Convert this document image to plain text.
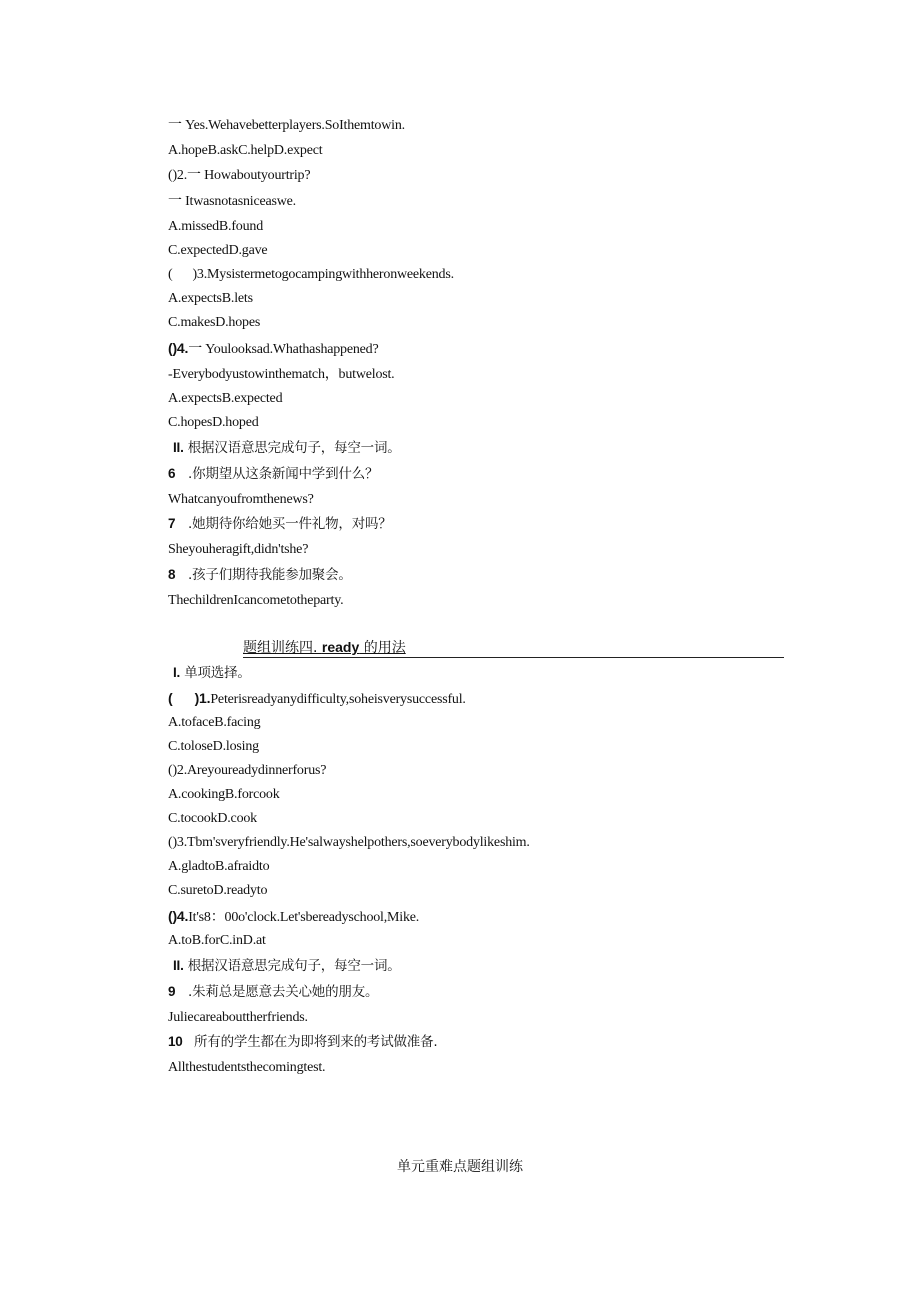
一 Yes.Wehavebetterplayers.SoIthemtowin.
A.hopeB.askC.helpD.expect
()2.一 Howaboutyourtrip?
一 Itwasnotasniceaswe.
A.missedB.found
C.expectedD.gave
( )3.Mysistermetogocampingwithheronweekends.
A.expectsB.lets
C.makesD.hopes
()4.一 Youlooksad.Whathashappened?
-Everybodyustowinthematch，butwelost.
A.expectsB.expected
C.hopesD.hoped
II. 根据汉语意思完成句子，每空一词。
6 .你期望从这条新闻中学到什么？
Whatcanyoufromthenews?
7 .她期待你给她买一件礼物，对吗？
Sheyouheragift,didn'tshe?
8 .孩子们期待我能参加聚会。
ThechildrenIcancometotheparty.
题组训练四. ready 的用法
I. 单项选择。
(      )1.Peterisreadyanydifficulty,soheisverysuccessful.
A.tofaceB.facing
C.toloseD.losing
()2.Areyoureadydinnerforus?
A.cookingB.forcook
C.tocookD.cook
()3.Tbm'sveryfriendly.He'salwayshelpothers,soeverybodylikeshim.
A.gladtoB.afraidto
C.suretoD.readyto
()4.It's8：00o'clock.Let'sbereadyschool,Mike.
A.toB.forC.inD.at
II. 根据汉语意思完成句子，每空一词。
9 .朱莉总是愿意去关心她的朋友。
Juliecareabouttherfriends.
10 所有的学生都在为即将到来的考试做准备.
Allthestudentsthecomingtest.
单元重难点题组训练
